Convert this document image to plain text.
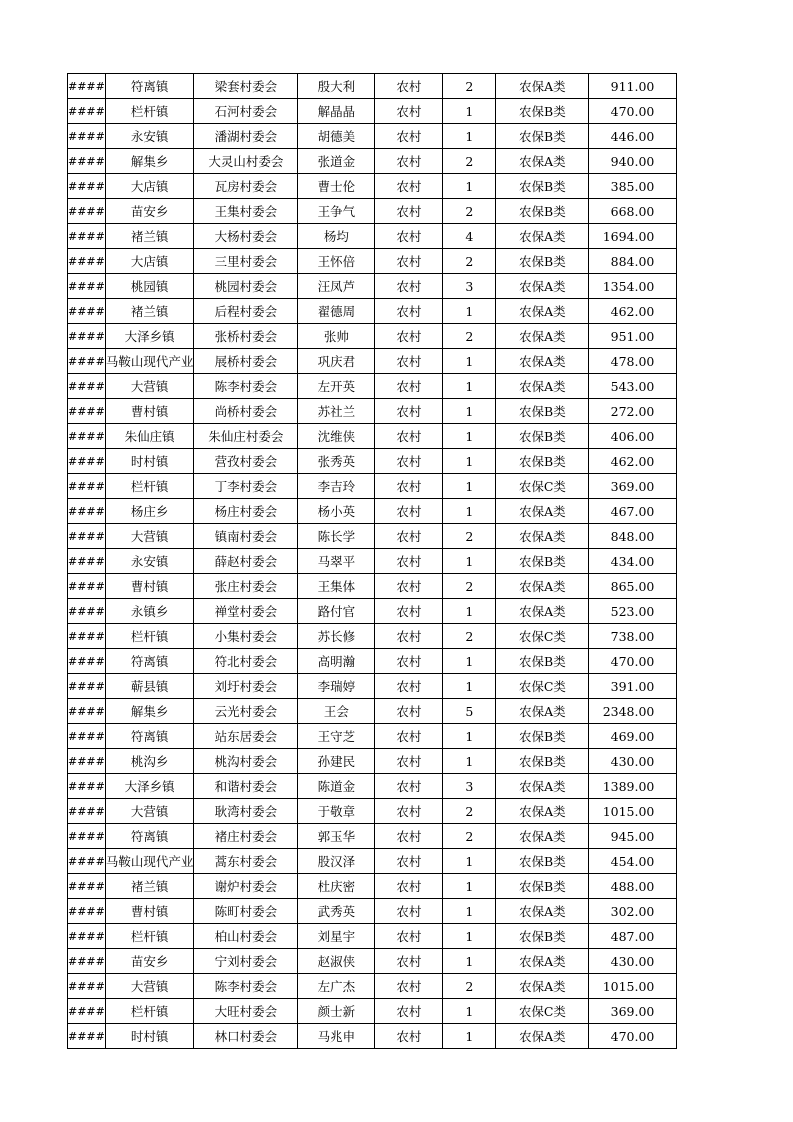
####	符离镇	梁套村委会	殷大利	农村	2	农保A类	911.00
####	栏杆镇	石河村委会	解晶晶	农村	1	农保B类	470.00
####	永安镇	潘湖村委会	胡德美	农村	1	农保B类	446.00
####	解集乡	大灵山村委会	张道金	农村	2	农保A类	940.00
####	大店镇	瓦房村委会	曹士伦	农村	1	农保B类	385.00
####	苗安乡	王集村委会	王争气	农村	2	农保B类	668.00
####	褚兰镇	大杨村委会	杨均	农村	4	农保A类	1694.00
####	大店镇	三里村委会	王怀倍	农村	2	农保B类	884.00
####	桃园镇	桃园村委会	汪凤芦	农村	3	农保A类	1354.00
####	褚兰镇	后程村委会	翟德周	农村	1	农保A类	462.00
####	大泽乡镇	张桥村委会	张帅	农村	2	农保A类	951.00
####	马鞍山现代产业	展桥村委会	巩庆君	农村	1	农保A类	478.00
####	大营镇	陈李村委会	左开英	农村	1	农保A类	543.00
####	曹村镇	尚桥村委会	苏社兰	农村	1	农保B类	272.00
####	朱仙庄镇	朱仙庄村委会	沈维侠	农村	1	农保B类	406.00
####	时村镇	营孜村委会	张秀英	农村	1	农保B类	462.00
####	栏杆镇	丁李村委会	李吉玲	农村	1	农保C类	369.00
####	杨庄乡	杨庄村委会	杨小英	农村	1	农保A类	467.00
####	大营镇	镇南村委会	陈长学	农村	2	农保A类	848.00
####	永安镇	薛赵村委会	马翠平	农村	1	农保B类	434.00
####	曹村镇	张庄村委会	王集体	农村	2	农保A类	865.00
####	永镇乡	禅堂村委会	路付官	农村	1	农保A类	523.00
####	栏杆镇	小集村委会	苏长修	农村	2	农保C类	738.00
####	符离镇	符北村委会	高明瀚	农村	1	农保B类	470.00
####	蕲县镇	刘圩村委会	李瑞婷	农村	1	农保C类	391.00
####	解集乡	云光村委会	王会	农村	5	农保A类	2348.00
####	符离镇	站东居委会	王守芝	农村	1	农保B类	469.00
####	桃沟乡	桃沟村委会	孙建民	农村	1	农保B类	430.00
####	大泽乡镇	和谐村委会	陈道金	农村	3	农保A类	1389.00
####	大营镇	耿湾村委会	于敬章	农村	2	农保A类	1015.00
####	符离镇	褚庄村委会	郭玉华	农村	2	农保A类	945.00
####	马鞍山现代产业	蒿东村委会	股汉泽	农村	1	农保B类	454.00
####	褚兰镇	谢炉村委会	杜庆密	农村	1	农保B类	488.00
####	曹村镇	陈町村委会	武秀英	农村	1	农保A类	302.00
####	栏杆镇	柏山村委会	刘星宇	农村	1	农保B类	487.00
####	苗安乡	宁刘村委会	赵淑侠	农村	1	农保A类	430.00
####	大营镇	陈李村委会	左广杰	农村	2	农保A类	1015.00
####	栏杆镇	大旺村委会	颜士新	农村	1	农保C类	369.00
####	时村镇	林口村委会	马兆申	农村	1	农保A类	470.00
